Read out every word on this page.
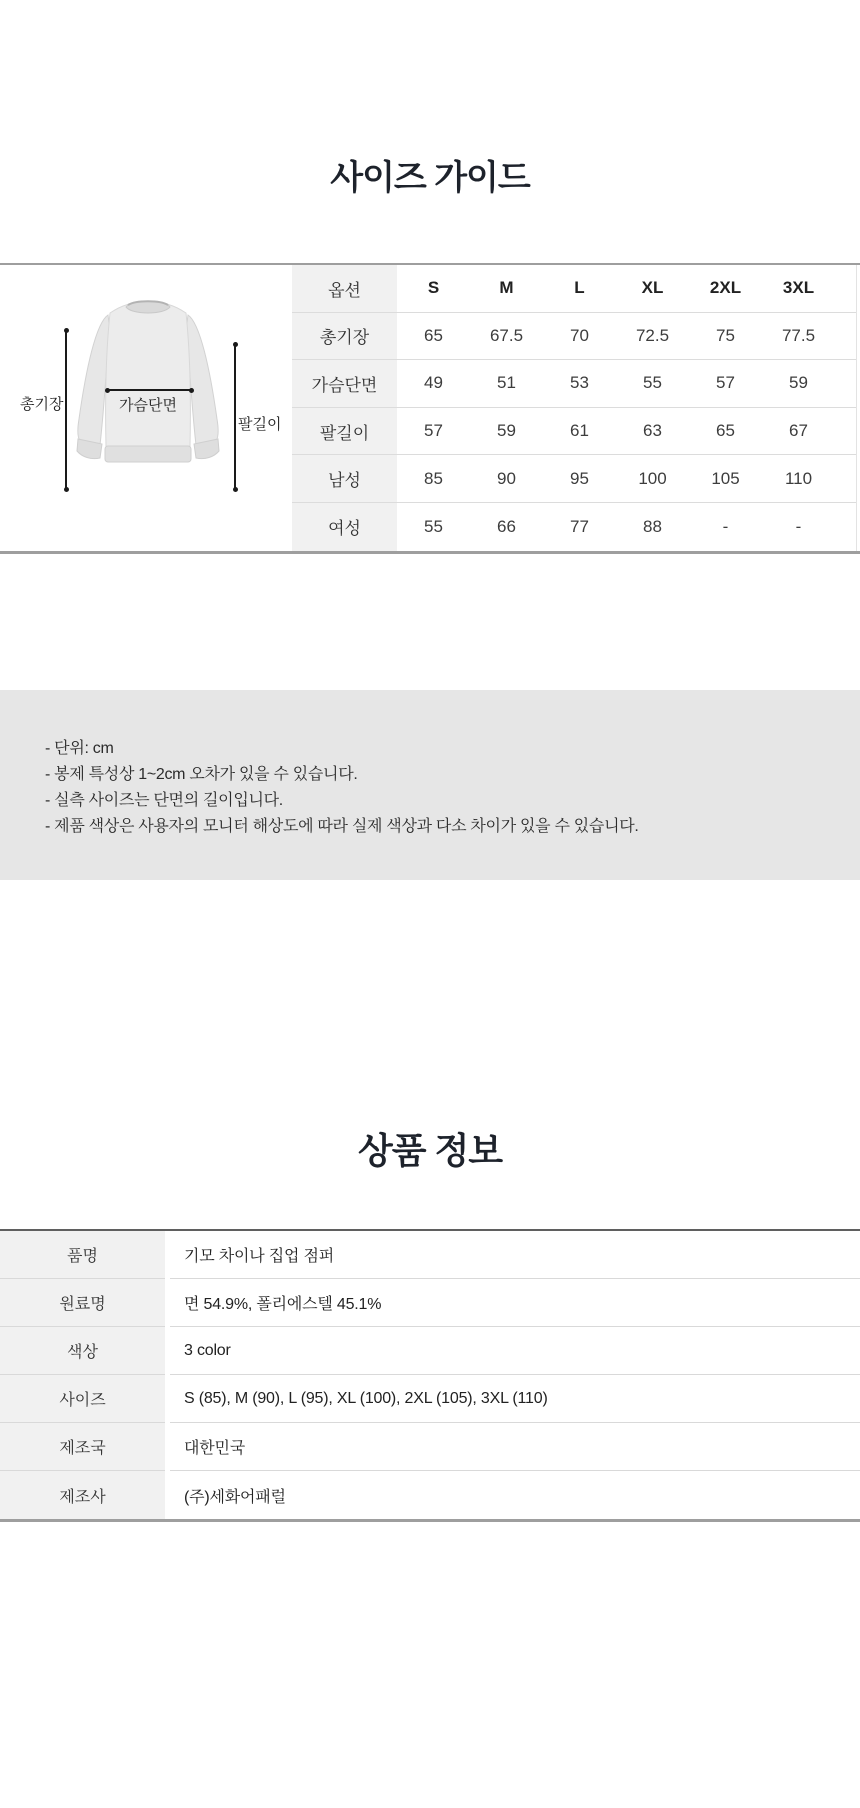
사이즈 가이드
총기장	가슴단면
팔길이
옵션	S	M	L	XL	2XL	3XL
총기장	65	67.5	70	72.5	75	77.5
가슴단면	49	51	53	55	57	59
팔길이	57	59	61	63	65	67
남성	85	90	95	100	105	110
여성	55	66	77	88	-	-

- 단위: cm

- 봉제 특성상 1~2cm 오차가 있을 수 있습니다.

- 실측 사이즈는 단면의 길이입니다.

- 제품 색상은 사용자의 모니터 해상도에 따라 실제 색상과 다소 차이가 있을 수 있습니다.

상품 정보
품명	기모 차이나 집업 점퍼
원료명	면 54.9%, 폴리에스텔 45.1%
색상	3 color
사이즈	S (85), M (90), L (95), XL (100), 2XL (105), 3XL (110)
제조국	대한민국
제조사	(주)세화어패럴
